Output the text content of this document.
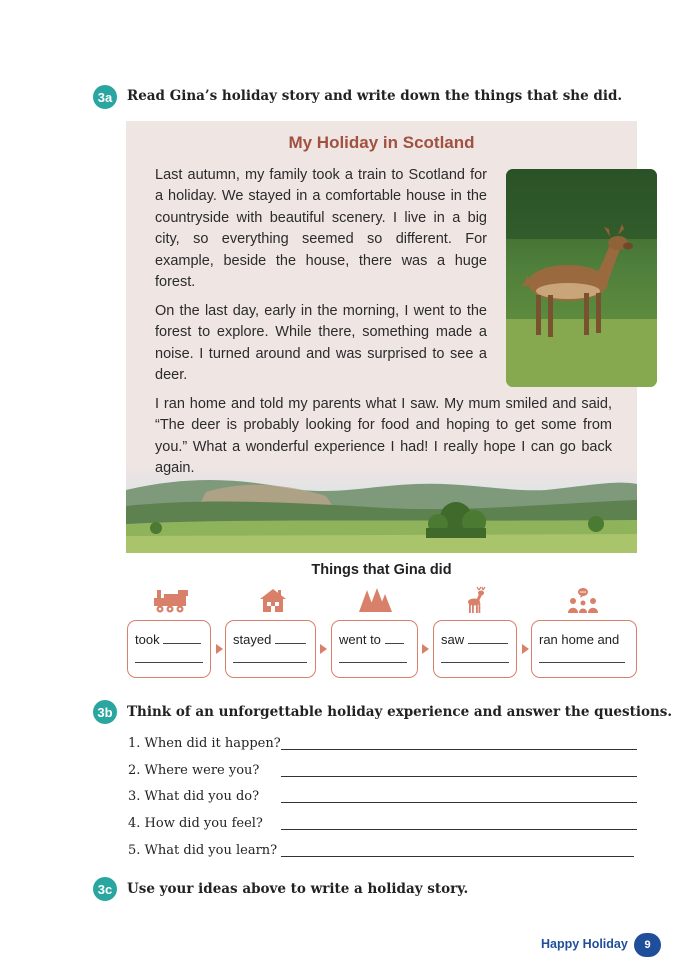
3a	Read Gina’s holiday story and write down the things that she did.
My Holiday in Scotland

Last autumn, my family took a train to Scotland for a holiday. We stayed in a comfortable house in the countryside with beautiful scenery. I live in a big city, so everything seemed so different. For example, beside the house, there was a huge forest.

On the last day, early in the morning, I went to the forest to explore. While there, something made a noise. I turned around and was surprised to see a deer.

I ran home and told my parents what I saw. My mum smiled and said, “The deer is probably looking for food and hoping to get some from you.” What a wonderful experience I had! I really hope I can go back again.

Things that Gina did
took	stayed	went to	saw	ran home and
3b	Think of an unforgettable holiday experience and answer the questions.
1. When did it happen?
2. Where were you?
3. What did you do?
4. How did you feel?
5. What did you learn?
3c	Use your ideas above to write a holiday story.
Happy Holiday	9
